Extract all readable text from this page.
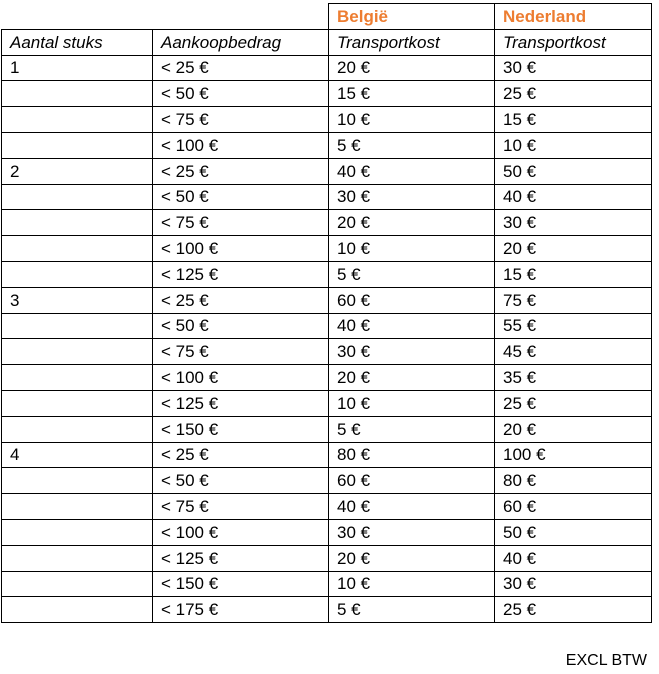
		België	Nederland
Aantal stuks	Aankoopbedrag	Transportkost	Transportkost
1	< 25 €	20 €	30 €
	< 50 €	15 €	25 €
	< 75 €	10 €	15 €
	< 100 €	5 €	10 €
2	< 25 €	40 €	50 €
	< 50 €	30 €	40 €
	< 75 €	20 €	30 €
	< 100 €	10 €	20 €
	< 125 €	5 €	15 €
3	< 25 €	60 €	75 €
	< 50 €	40 €	55 €
	< 75 €	30 €	45 €
	< 100 €	20 €	35 €
	< 125 €	10 €	25 €
	< 150 €	5 €	20 €
4	< 25 €	80 €	100 €
	< 50 €	60 €	80 €
	< 75 €	40 €	60 €
	< 100 €	30 €	50 €
	< 125 €	20 €	40 €
	< 150 €	10 €	30 €
	< 175 €	5 €	25 €
EXCL BTW
